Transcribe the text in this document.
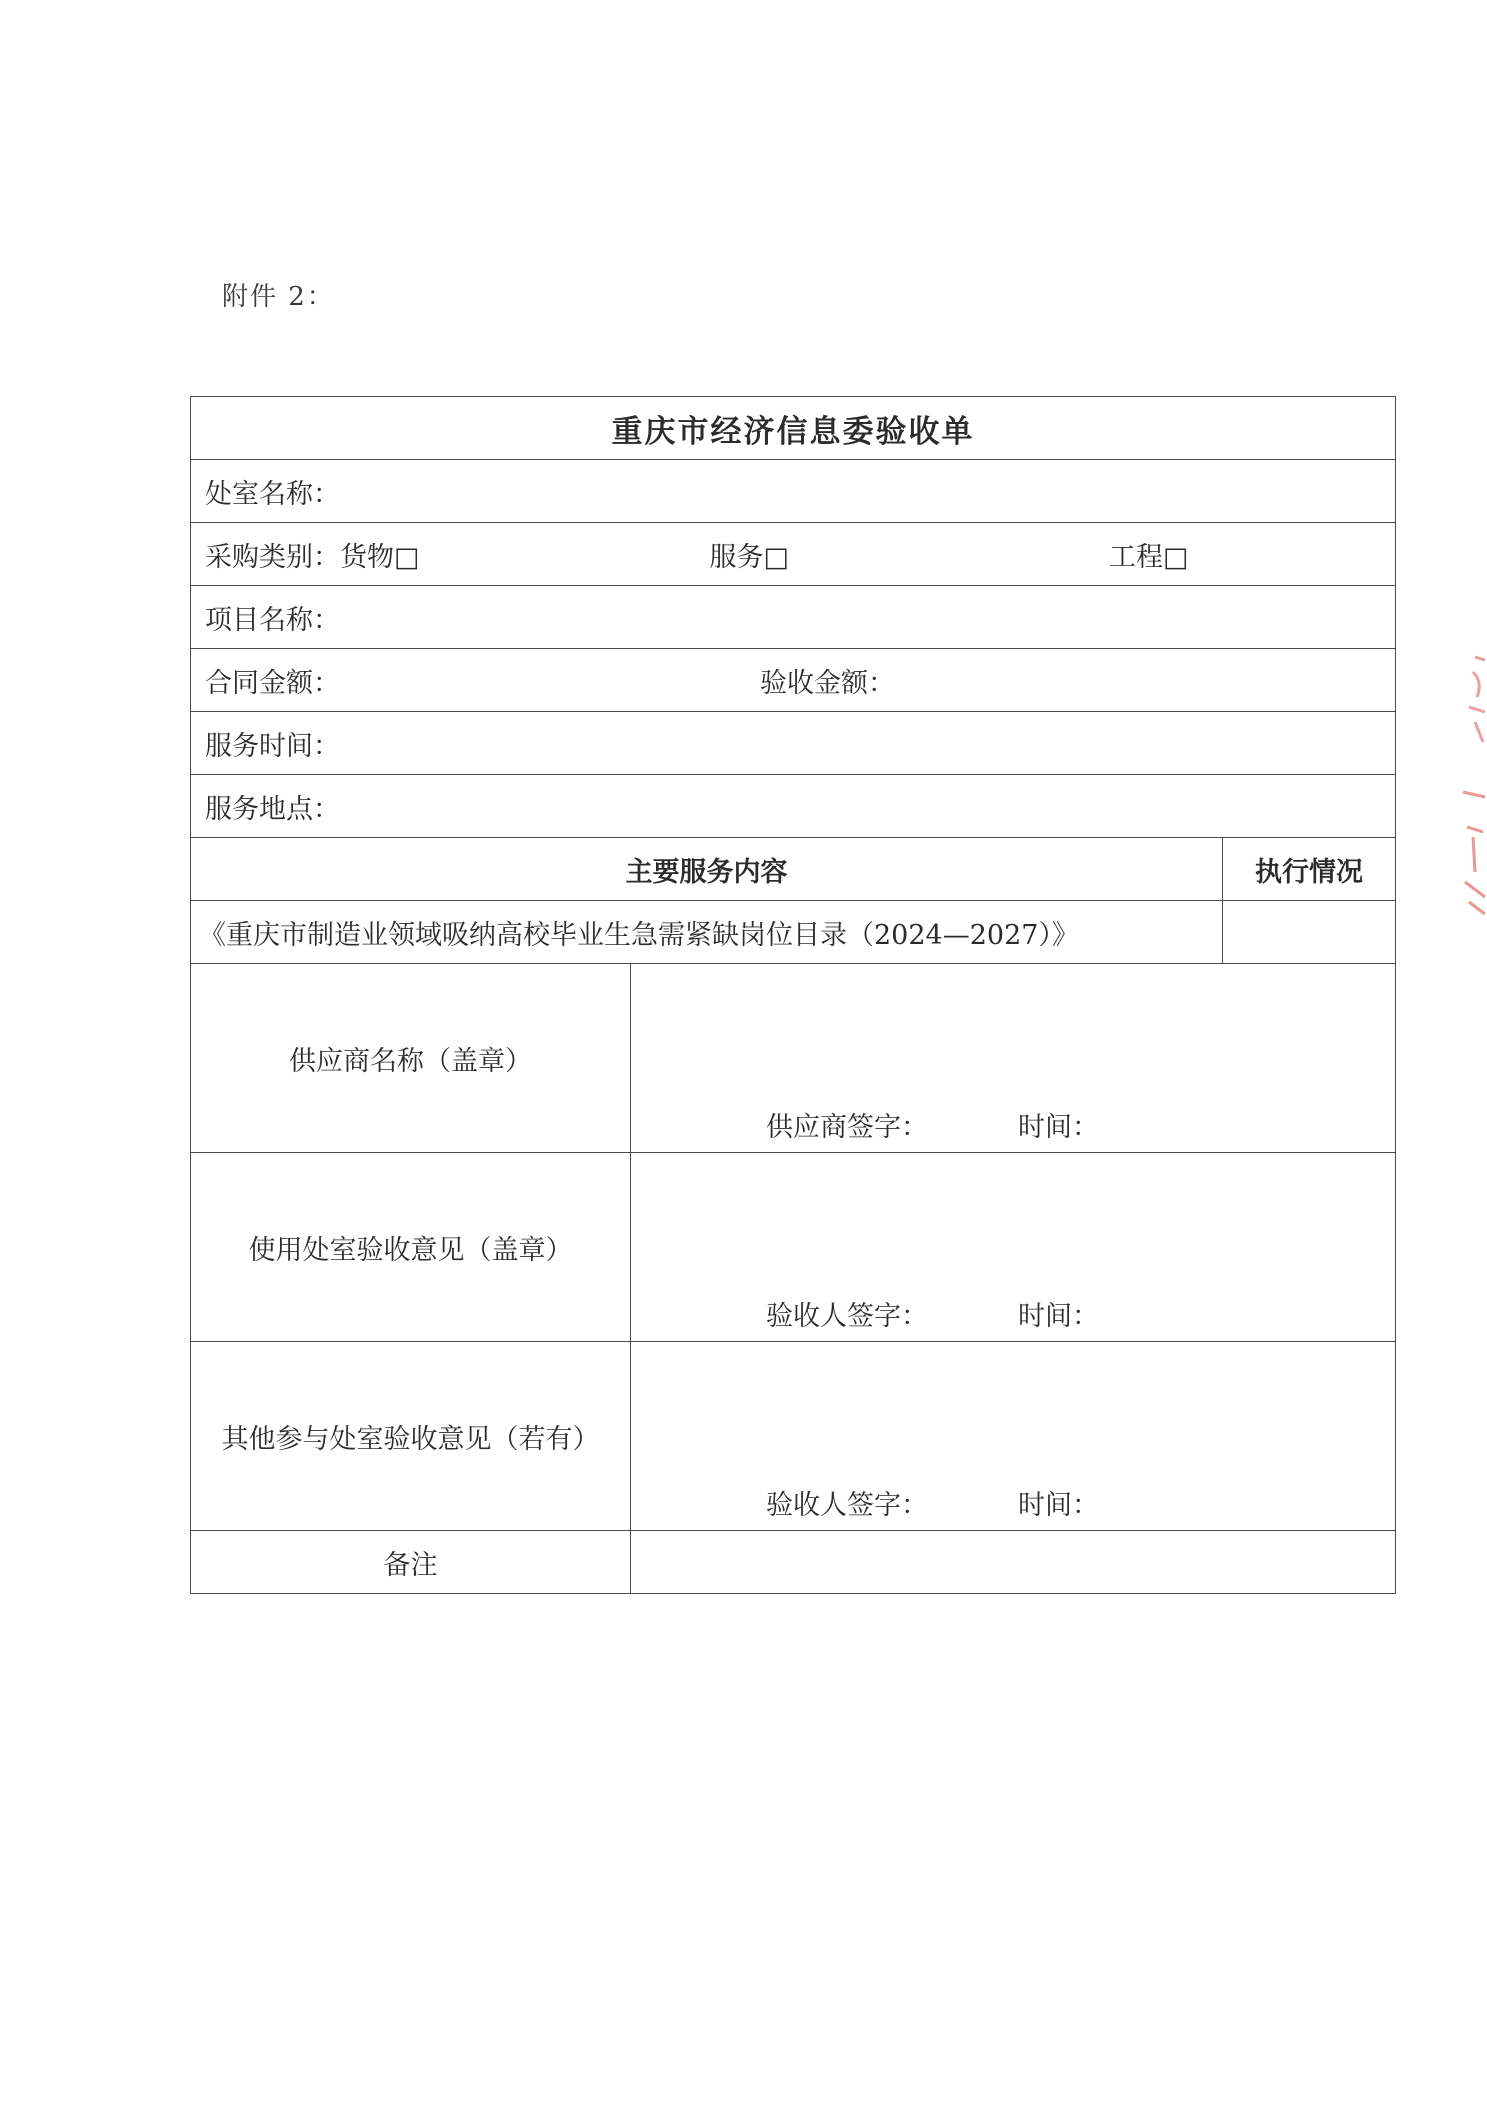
附件 2：
重庆市经济信息委验收单		
处室名称：		

采购类别： 货物□ 服务□ 工程□		

项目名称：		

合同金额： 验收金额：		

服务时间：		
服务地点：		
主要服务内容		执行情况
《重庆市制造业领域吸纳高校毕业生急需紧缺岗位目录（2024—2027）》		
供应商名称（盖章）	供应商签字： 时间：	

使用处室验收意见（盖章）	验收人签字： 时间：	

其他参与处室验收意见（若有）	验收人签字： 时间：	

备注		
